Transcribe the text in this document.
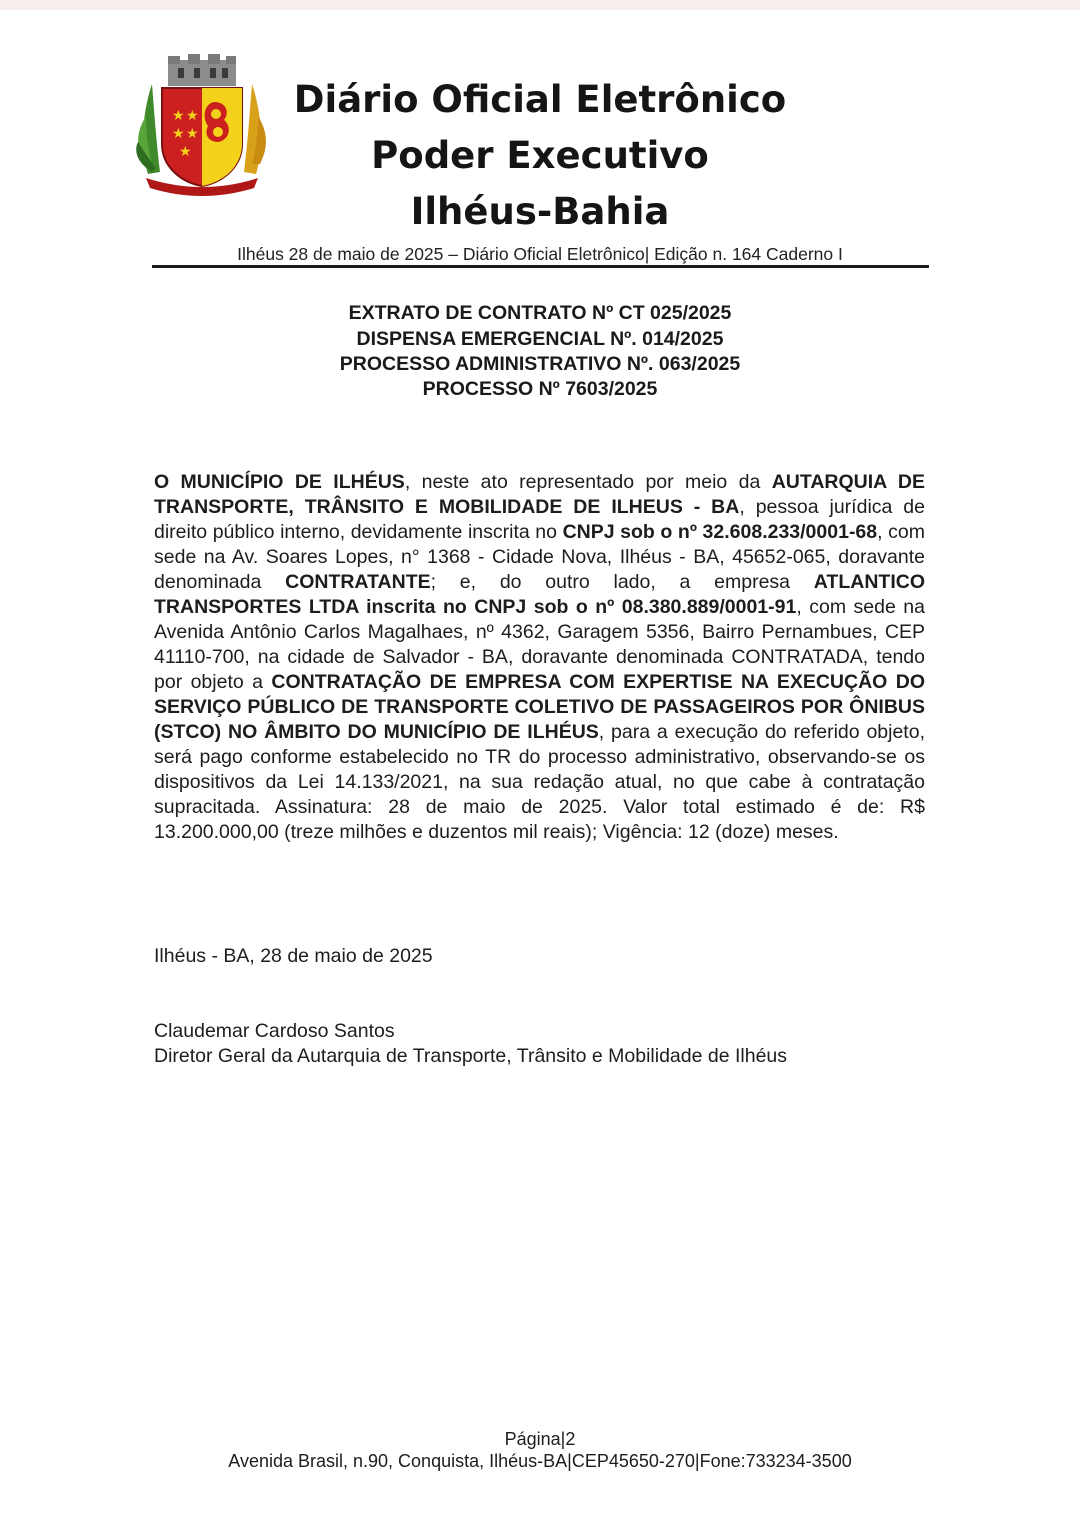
★ ★
★ ★
★
Diário Oficial Eletrônico
Poder Executivo
Ilhéus-Bahia
Ilhéus 28 de maio de 2025 – Diário Oficial Eletrônico| Edição n. 164 Caderno I
EXTRATO DE CONTRATO Nº CT 025/2025
DISPENSA EMERGENCIAL Nº. 014/2025
PROCESSO ADMINISTRATIVO Nº. 063/2025
PROCESSO Nº 7603/2025
O MUNICÍPIO DE ILHÉUS, neste ato representado por meio da AUTARQUIA DE TRANSPORTE, TRÂNSITO E MOBILIDADE DE ILHEUS - BA, pessoa jurídica de direito público interno, devidamente inscrita no CNPJ sob o nº 32.608.233/0001-68, com sede na Av. Soares Lopes, n° 1368 - Cidade Nova, Ilhéus - BA, 45652-065, doravante denominada CONTRATANTE; e, do outro lado, a empresa ATLANTICO TRANSPORTES LTDA inscrita no CNPJ sob o nº 08.380.889/0001-91, com sede na Avenida Antônio Carlos Magalhaes, nº 4362, Garagem 5356, Bairro Pernambues, CEP 41110-700, na cidade de Salvador - BA, doravante denominada CONTRATADA, tendo por objeto a CONTRATAÇÃO DE EMPRESA COM EXPERTISE NA EXECUÇÃO DO SERVIÇO PÚBLICO DE TRANSPORTE COLETIVO DE PASSAGEIROS POR ÔNIBUS (STCO) NO ÂMBITO DO MUNICÍPIO DE ILHÉUS, para a execução do referido objeto, será pago conforme estabelecido no TR do processo administrativo, observando-se os dispositivos da Lei 14.133/2021, na sua redação atual, no que cabe à contratação supracitada. Assinatura: 28 de maio de 2025. Valor total estimado é de: R$ 13.200.000,00 (treze milhões e duzentos mil reais); Vigência: 12 (doze) meses.
Ilhéus - BA, 28 de maio de 2025
Claudemar Cardoso Santos
Diretor Geral da Autarquia de Transporte, Trânsito e Mobilidade de Ilhéus
Página|2
Avenida Brasil, n.90, Conquista, Ilhéus-BA|CEP45650-270|Fone:733234-3500
